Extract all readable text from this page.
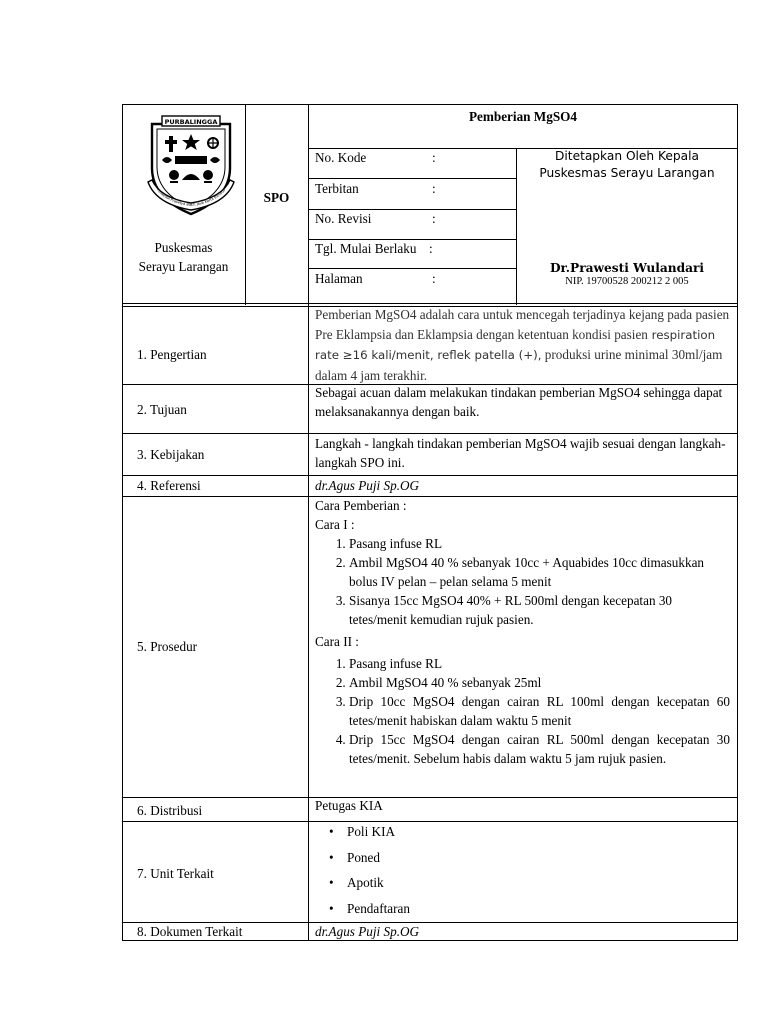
PURBALINGGA
PERWIRA Prasetya Bakti Jaya Kerta Raharja
Puskesmas
Serayu Larangan
SPO
Pemberian MgSO4
No. Kode	:
Terbitan	:
No. Revisi	:
Tgl. Mulai Berlaku :
Halaman	:
Ditetapkan Oleh Kepala
Puskesmas Serayu Larangan
Dr.Prawesti Wulandari
NIP. 19700528 200212 2 005
1. Pengertian
Pemberian MgSO4 adalah cara untuk mencegah terjadinya kejang pada pasien Pre Eklampsia dan Eklampsia dengan ketentuan kondisi pasien respiration rate ≥16 kali/menit, reflek patella (+), produksi urine minimal 30ml/jam dalam 4 jam terakhir.
2. Tujuan
Sebagai acuan dalam melakukan tindakan pemberian MgSO4 sehingga dapat melaksanakannya dengan baik.
3. Kebijakan
Langkah - langkah tindakan pemberian MgSO4 wajib sesuai dengan langkah- langkah SPO ini.
4. Referensi	dr.Agus Puji Sp.OG
5. Prosedur
Cara Pemberian :
Cara I :
1. Pasang infuse RL
2. Ambil MgSO4 40 % sebanyak 10cc + Aquabides 10cc dimasukkan bolus IV pelan – pelan selama 5 menit
3. Sisanya 15cc MgSO4 40% + RL 500ml dengan kecepatan 30 tetes/menit kemudian rujuk pasien.
Cara II :
1. Pasang infuse RL
2. Ambil MgSO4 40 % sebanyak 25ml
3. Drip 10cc MgSO4 dengan cairan RL 100ml dengan kecepatan 60 tetes/menit habiskan dalam waktu 5 menit
4. Drip 15cc MgSO4 dengan cairan RL 500ml dengan kecepatan 30 tetes/menit. Sebelum habis dalam waktu 5 jam rujuk pasien.
6. Distribusi	Petugas KIA
7. Unit Terkait
• Poli KIA
• Poned
• Apotik
• Pendaftaran
8. Dokumen Terkait	dr.Agus Puji Sp.OG
